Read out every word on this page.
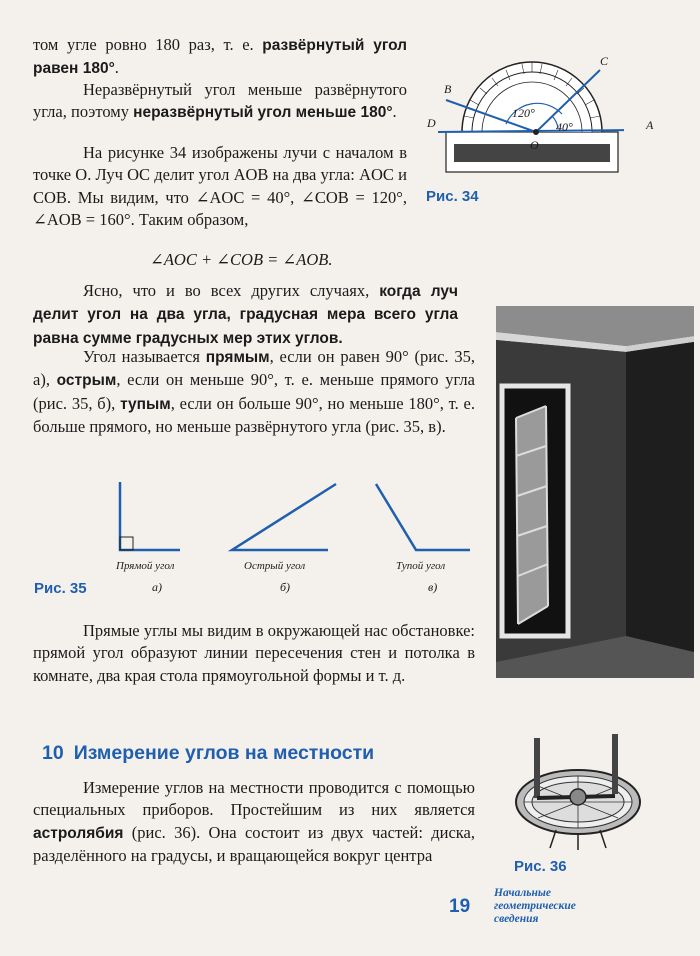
том угле ровно 180 раз, т. е. развёрнутый угол равен 180°.

Неразвёрнутый угол меньше развёрнутого угла, поэтому неразвёрнутый угол меньше 180°.

На рисунке 34 изображены лучи с началом в точке O. Луч OC делит угол AOB на два угла: AOC и COB. Мы видим, что ∠AOC = 40°, ∠COB = 120°, ∠AOB = 160°. Таким образом,

∠AOC + ∠COB = ∠AOB.
B
C
D	A
O
120°
40°
Рис. 34

Ясно, что и во всех других случаях, когда луч делит угол на два угла, градусная мера всего угла равна сумме градусных мер этих углов.

Угол называется прямым, если он равен 90° (рис. 35, а), острым, если он меньше 90°, т. е. меньше прямого угла (рис. 35, б), тупым, если он больше 90°, но меньше 180°, т. е. больше прямого, но меньше развёрнутого угла (рис. 35, в).

Прямой угол	Острый угол	Тупой угол
а)	б)	в)
Рис. 35

Прямые углы мы видим в окружающей нас обстановке: прямой угол образуют линии пересечения стен и потолка в комнате, два края стола прямоугольной формы и т. д.

10 Измерение углов на местности

Измерение углов на местности проводится с помощью специальных приборов. Простейшим из них является астролябия (рис. 36). Она состоит из двух частей: диска, разделённого на градусы, и вращающейся вокруг центра

Рис. 36
19
Начальные геометрические сведения
